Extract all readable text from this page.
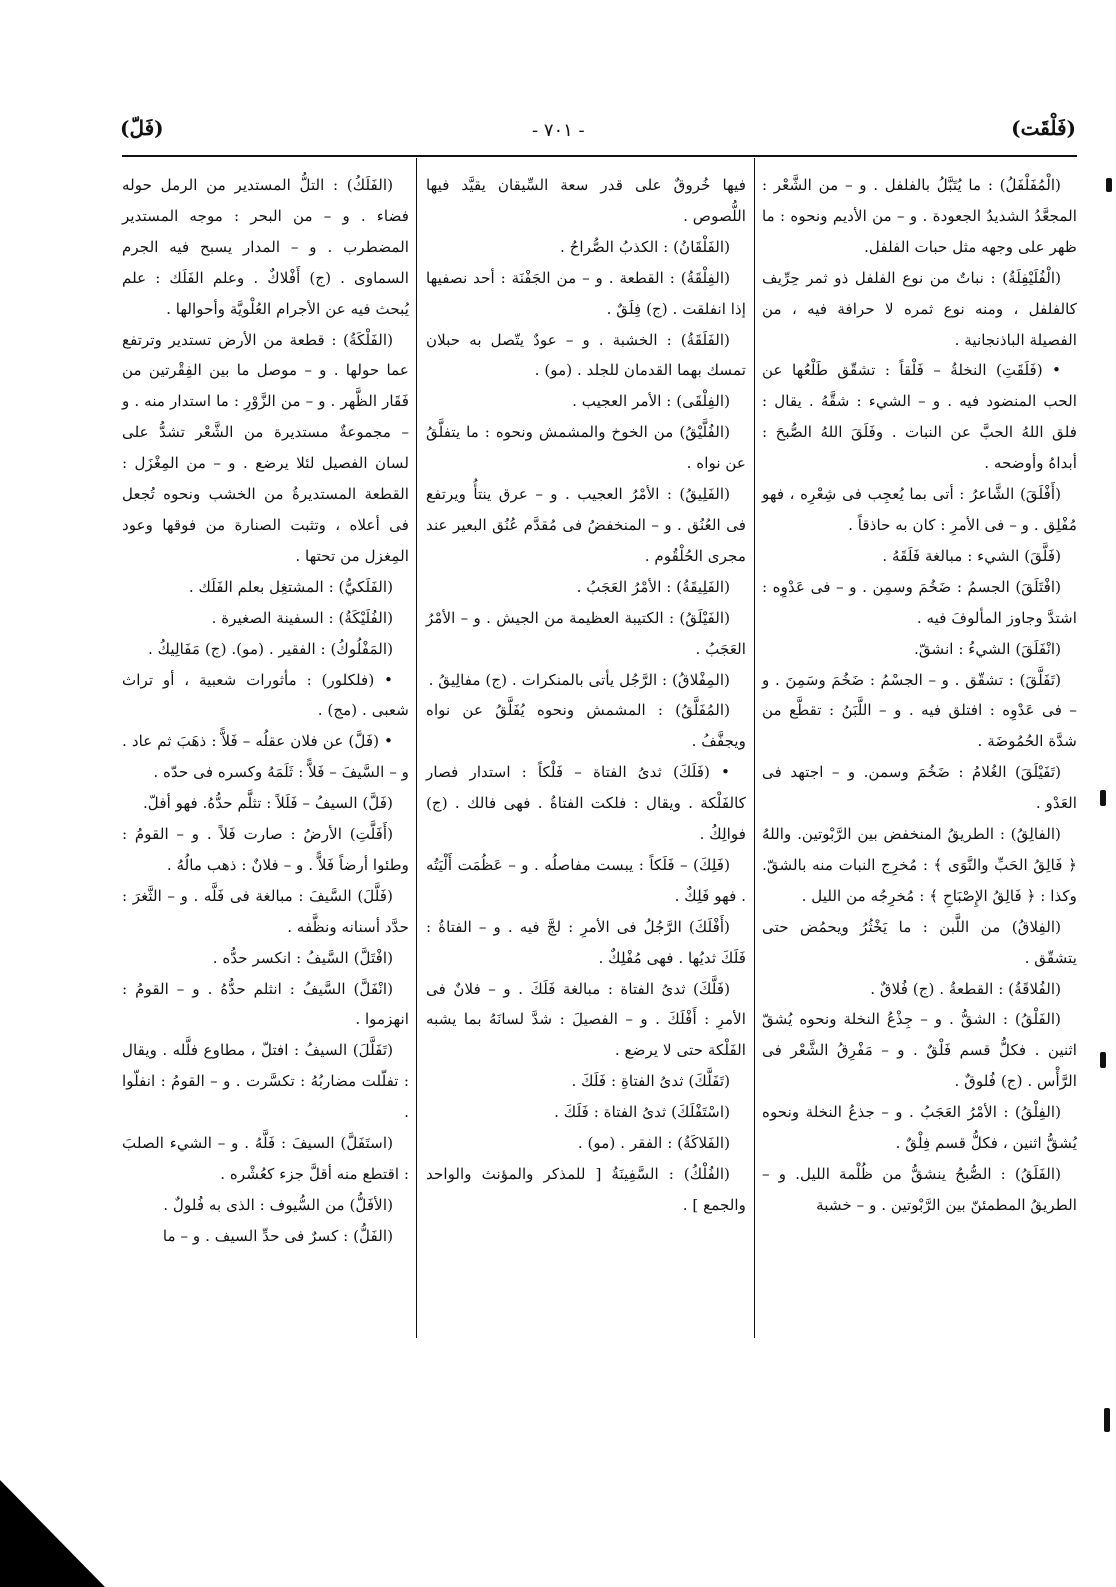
(فَلْقَت)
- ٧٠١ -
(فَلّ)

(الْمُفَلْفَلُ) : ما يُتَبَّلُ بالفلفل . و – من الشَّعْر : المجعَّدُ الشديدُ الجعودة . و – من الأديم ونحوه : ما ظهر على وجهه مثل حبات الفلفل.

(الْفُلَيْفِلَةُ) : نباتٌ من نوع الفلفل ذو ثمر حِرِّيف كالفلفل ، ومنه نوع ثمره لا حرافة فيه ، من الفصيلة الباذنجانية .

• (فَلَقَتِ) النخلةُ – فَلْقاً : تشقّق طَلْعُها عن الحب المنضود فيه . و – الشيء : شقَّهُ . يقال : فلق اللهُ الحبَّ عن النبات . وفَلَقَ اللهُ الصُّبحَ : أبداهُ وأوضحه .

(أَفْلَقَ) الشَّاعرُ : أتى بما يُعجِب فى شِعْرِه ، فهو مُفْلِق . و – فى الأمرِ : كان به حاذقاً .

(فَلَّقَ) الشيء : مبالغة فَلَقَهُ .

(افْتَلَقَ) الجسمُ : ضَخُمَ وسمِن . و – فى عَدْوِه : اشتدَّ وجاوز المألوفَ فيه .

(انْفَلَقَ) الشيءُ : انشقّ.

(تَفَلَّقَ) : تشقّق . و – الجسْمُ : ضَخُمَ وسَمِنَ . و – فى عَدْوِه : افتلق فيه . و – اللَّبَنُ : تقطَّع من شدَّة الحُمُوضَة .

(تَفَيْلَقَ) الغُلامُ : ضَخُمَ وسمن. و – اجتهد فى العَدْو .

(الفالِقُ) : الطريقُ المنخفض بين الرَّبْوتين. واللهُ ﴿ فَالِقُ الحَبِّ والنَّوَى ﴾ : مُخرِج النبات منه بالشقّ. وكذا : ﴿ فَالِقُ الإِصْبَاحِ ﴾ : مُخرِجُه من الليل .

(الفِلاقُ) من اللَّبن : ما يَخْثُرُ ويحمُض حتى يتشقّق .

(الفُلاقَةُ) : القطعةُ . (ج) فُلاقٌ .

(الفَلْقُ) : الشقُّ . و – جِذْعُ النخلة ونحوه يُشقّ اثنين . فكلُّ قسم فَلْقٌ . و – مَفْرِقُ الشَّعْر فى الرَّأْس . (ج) فُلوقٌ .

(الفِلْقُ) : الأمْرُ العَجَبُ . و – جذعُ النخلة ونحوه يُشقُّ اثنين ، فكلُّ قسم فِلْقٌ .

(الفَلَقُ) : الصُّبحُ ينشقُّ من ظُلْمة الليل. و – الطريقُ المطمئنّ بين الرَّبْوتين . و – خشبة

فيها خُروقٌ على قدر سعة السِّيقان يقيَّد فيها اللُّصوص .

(الفَلْقَانُ) : الكذبُ الصُّراحُ .

(الفِلْقَةُ) : القطعة . و – من الجَفْنَة : أحد نصفيها إذا انفلقت . (ج) فِلَقٌ .

(الفَلَقَةُ) : الخشبة . و – عودٌ يتّصل به حبلان تمسك بهما القدمان للجلد . (مو) .

(الفِلْقَى) : الأمر العجيب .

(الفُلَّيْقُ) من الخوخ والمشمش ونحوه : ما يتفلَّقُ عن نواه .

(الفَلِيقُ) : الأمْرُ العجيب . و – عرق ينتأُ ويرتفع فى العُنُق . و – المنخفضُ فى مُقدَّم عُنُق البعير عند مجرى الحُلْقُوم .

(الفَلِيقَةُ) : الأمْرُ العَجَبُ .

(الفَيْلَقُ) : الكتيبة العظيمة من الجيش . و – الأمْرُ العَجَبُ .

(المِفْلاقُ) : الرَّجُل يأتى بالمنكرات . (ج) مفالِيقُ .

(المُفَلَّقُ) : المشمش ونحوه يُفَلَّقُ عن نواه ويجفَّفُ .

• (فَلَكَ) ثدىُ الفتاة – فَلْكاً : استدار فصار كالفَلْكة . ويقال : فلكت الفتاةُ . فهى فالك . (ج) فوالِكُ .

(فَلِكَ) – فَلَكاً : يبست مفاصلُه . و – عَظُمَت أَلْيَتُه . فهو فَلِكٌ .

(أَفْلَكَ) الرَّجُلُ فى الأمرِ : لجَّ فيه . و – الفتاةُ : فَلَكَ ثديُها . فهى مُفْلِكٌ .

(فَلَّكَ) ثدىُ الفتاة : مبالغة فَلَكَ . و – فلانٌ فى الأمرِ : أَفْلَكَ . و – الفصيلَ : شدَّ لسانَهُ بما يشبه الفَلْكة حتى لا يرضع .

(تَفَلَّكَ) ثدىُ الفتاةِ : فَلَكَ .

(اسْتَفْلَكَ) ثدىُ الفتاة : فَلَكَ .

(الفَلاكَةُ) : الفقر . (مو) .

(الفُلْكُ) : السَّفِينَةُ [ للمذكر والمؤنث والواحد والجمع ] .

(الفَلَكُ) : التلُّ المستدير من الرمل حوله فضاء . و – من البحر : موجه المستدير المضطرب . و – المدار يسبح فيه الجرم السماوى . (ج) أَفْلاكٌ . وعلم الفَلَك : علم يُبحث فيه عن الأجرام العُلْويَّة وأحوالها .

(الفَلْكَةُ) : قطعة من الأرض تستدير وترتفع عما حولها . و – موصل ما بين الفِقْرتين من فَقَار الظَّهر . و – من الزَّوْرِ : ما استدار منه . و – مجموعةٌ مستديرة من الشَّعْر تشدُّ على لسان الفصيل لئلا يرضع . و – من المِغْزَل : القطعة المستديرةُ من الخشب ونحوه تُجعل فى أعلاه ، وتثبت الصنارة من فوقها وعود المِغزل من تحتها .

(الفَلَكيُّ) : المشتغِل بعلم الفَلَك .

(الفُلَيْكَةُ) : السفينة الصغيرة .

(المَفْلُوكُ) : الفقير . (مو). (ج) مَفَالِيكُ .

• (فلكلور) : مأثورات شعبية ، أو تراث شعبى . (مج) .

• (فَلَّ) عن فلان عقلُه – فَلاًّ : ذهَبَ ثم عاد . و – السَّيفَ – فَلاًّ : ثَلَمَهُ وكسره فى حدّه .

(فَلَّ) السيفُ – فَلَلاً : تثلَّم حدُّهُ. فهو أفلّ.

(أَفَلَّتِ) الأرضُ : صارت فَلاً . و – القومُ : وطئوا أرضاً فَلاًّ . و – فلانٌ : ذهب مالُهُ .

(فَلَّلَ) السَّيفَ : مبالغة فى فَلَّه . و – الثَّغرَ : حدَّد أسنانه ونظَّفه .

(افْتَلَّ) السَّيفُ : انكسر حدُّه .

(انْفَلَّ) السَّيفُ : انثلم حدُّهُ . و – القومُ : انهزموا .

(تَفَلَّلَ) السيفُ : افتلّ ، مطاوع فلَّله . ويقال : تفلّلت مضاربُهُ : تكسَّرت . و – القومُ : انفلّوا .

(استَفَلَّ) السيفَ : فَلَّهُ . و – الشيء الصلبَ : اقتطع منه أقلَّ جزء كعُشْره .

(الأفَلُّ) من السُّيوف : الذى به فُلولٌ .

(الفَلُّ) : كسرٌ فى حدِّ السيف . و – ما
